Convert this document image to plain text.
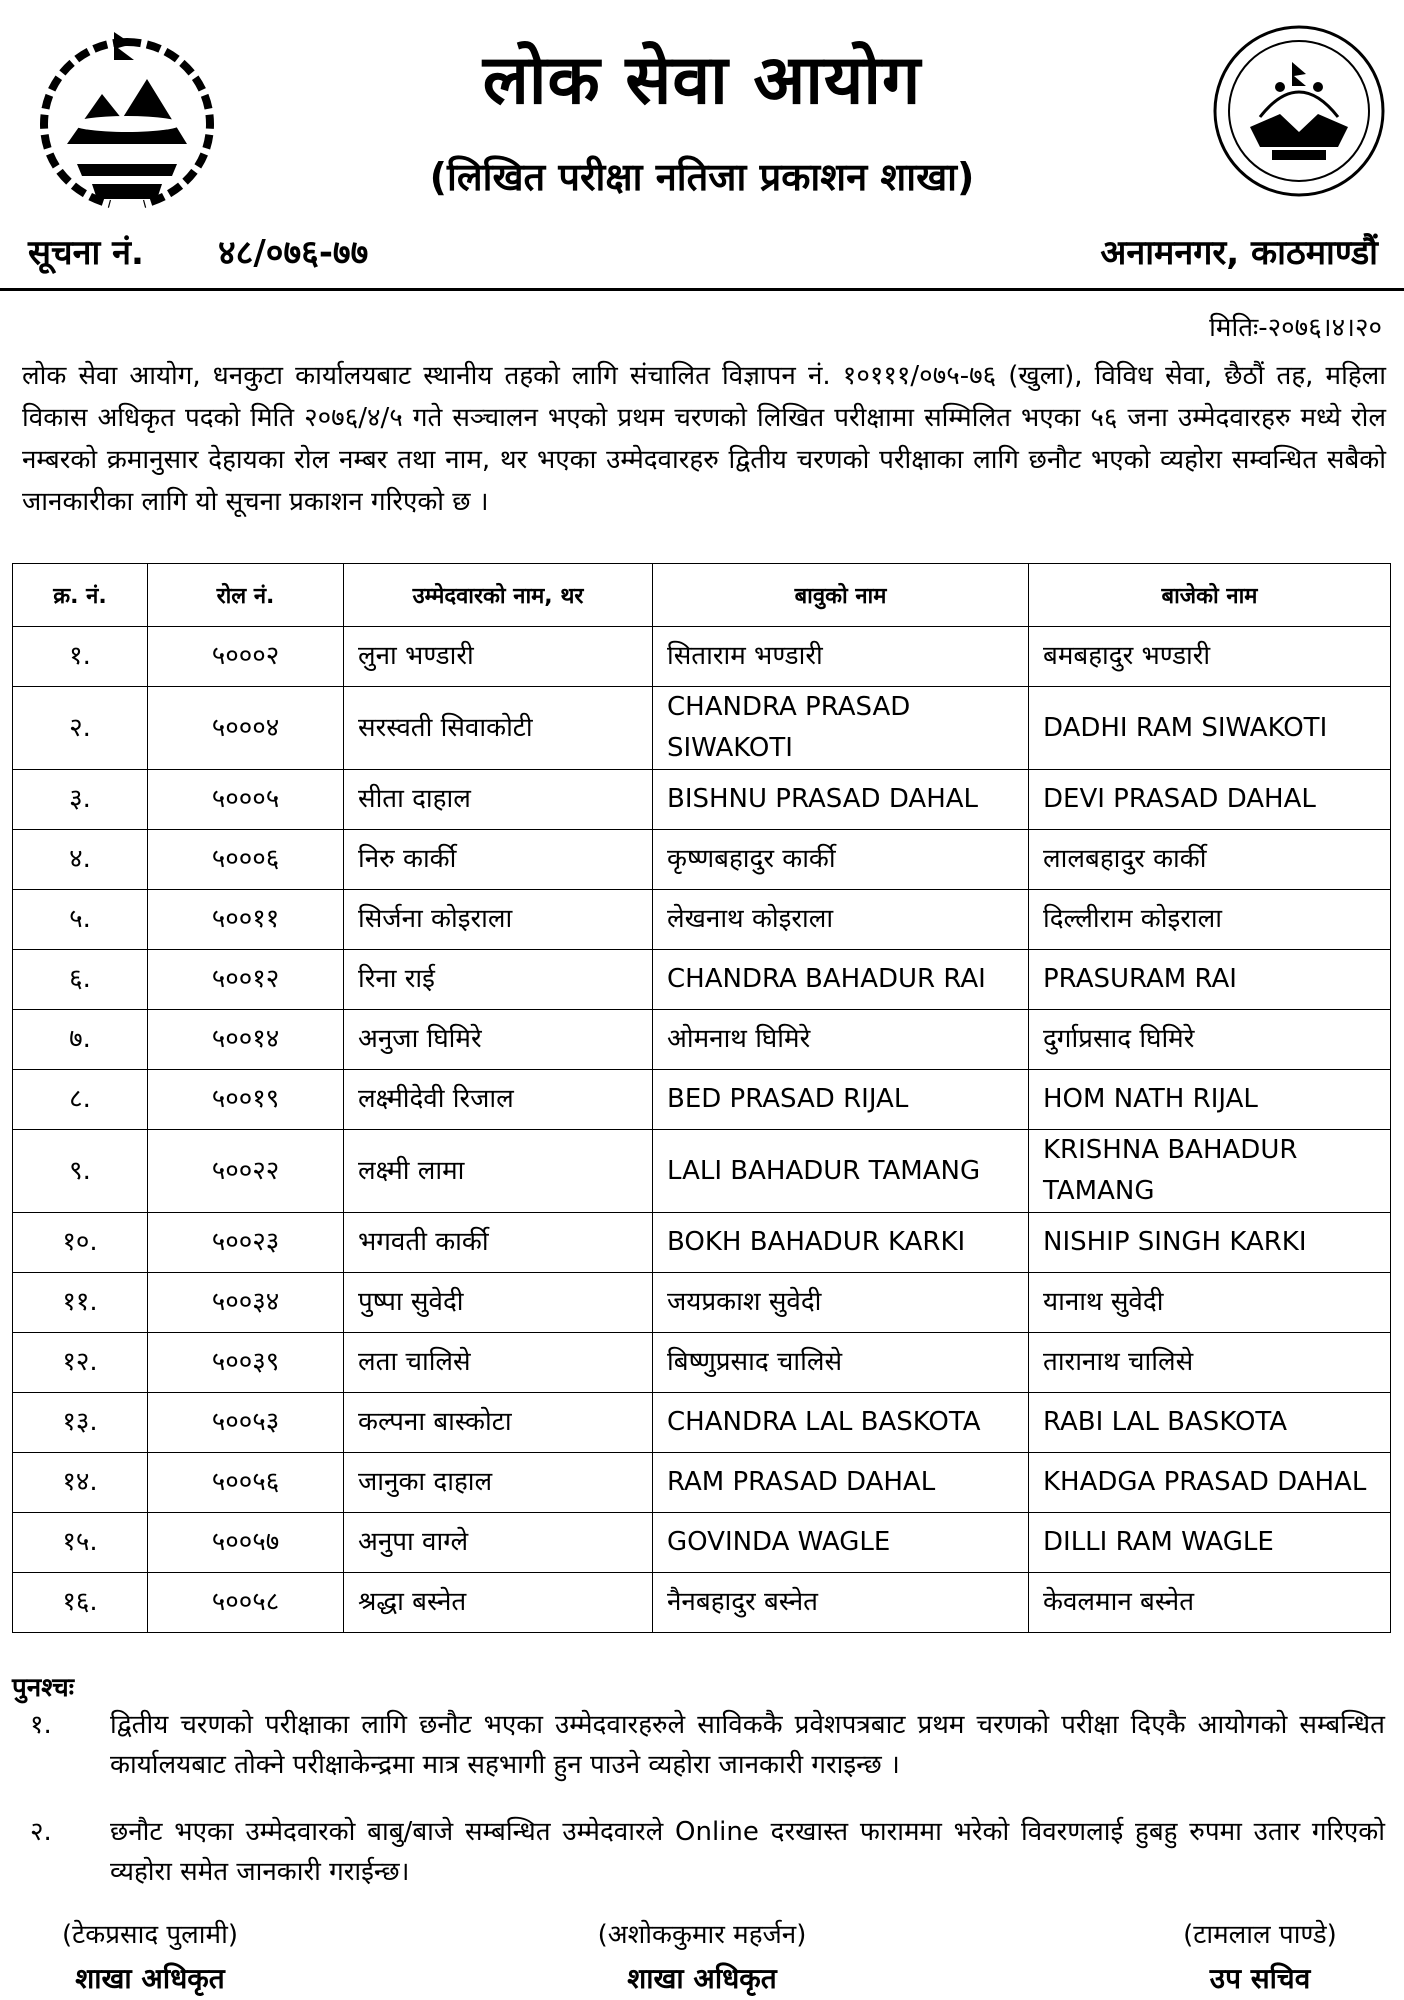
लोक सेवा आयोग
(लिखित परीक्षा नतिजा प्रकाशन शाखा)
सूचना नं. ४८/०७६-७७	अनामनगर, काठमाण्डौं
मितिः-२०७६।४।२०
लोक सेवा आयोग, धनकुटा कार्यालयबाट स्थानीय तहको लागि संचालित विज्ञापन नं. १०१११/०७५-७६ (खुला), विविध सेवा, छैठौं तह, महिला विकास अधिकृत पदको मिति २०७६/४/५ गते सञ्चालन भएको प्रथम चरणको लिखित परीक्षामा सम्मिलित भएका ५६ जना उम्मेदवारहरु मध्ये रोल नम्बरको क्रमानुसार देहायका रोल नम्बर तथा नाम, थर भएका उम्मेदवारहरु द्वितीय चरणको परीक्षाका लागि छनौट भएको व्यहोरा सम्वन्धित सबैको जानकारीका लागि यो सूचना प्रकाशन गरिएको छ ।
क्र. नं.	रोल नं.	उम्मेदवारको नाम, थर	बावुको नाम	बाजेको नाम
१.	५०००२	लुना भण्डारी	सिताराम भण्डारी	बमबहादुर भण्डारी
२.	५०००४	सरस्वती सिवाकोटी	CHANDRA PRASAD SIWAKOTI	DADHI RAM SIWAKOTI
३.	५०००५	सीता दाहाल	BISHNU PRASAD DAHAL	DEVI PRASAD DAHAL
४.	५०००६	निरु कार्की	कृष्णबहादुर कार्की	लालबहादुर कार्की
५.	५००११	सिर्जना कोइराला	लेखनाथ कोइराला	दिल्लीराम कोइराला
६.	५००१२	रिना राई	CHANDRA BAHADUR RAI	PRASURAM RAI
७.	५००१४	अनुजा घिमिरे	ओमनाथ घिमिरे	दुर्गाप्रसाद घिमिरे
८.	५००१९	लक्ष्मीदेवी रिजाल	BED PRASAD RIJAL	HOM NATH RIJAL
९.	५००२२	लक्ष्मी लामा	LALI BAHADUR TAMANG	KRISHNA BAHADUR TAMANG
१०.	५००२३	भगवती कार्की	BOKH BAHADUR KARKI	NISHIP SINGH KARKI
११.	५००३४	पुष्पा सुवेदी	जयप्रकाश सुवेदी	यानाथ सुवेदी
१२.	५००३९	लता चालिसे	बिष्णुप्रसाद चालिसे	तारानाथ चालिसे
१३.	५००५३	कल्पना बास्कोटा	CHANDRA LAL BASKOTA	RABI LAL BASKOTA
१४.	५००५६	जानुका दाहाल	RAM PRASAD DAHAL	KHADGA PRASAD DAHAL
१५.	५००५७	अनुपा वाग्ले	GOVINDA WAGLE	DILLI RAM WAGLE
१६.	५००५८	श्रद्धा बस्नेत	नैनबहादुर बस्नेत	केवलमान बस्नेत
पुनश्चः
१. द्वितीय चरणको परीक्षाका लागि छनौट भएका उम्मेदवारहरुले साविककै प्रवेशपत्रबाट प्रथम चरणको परीक्षा दिएकै आयोगको सम्बन्धित कार्यालयबाट तोक्ने परीक्षाकेन्द्रमा मात्र सहभागी हुन पाउने व्यहोरा जानकारी गराइन्छ ।
२. छनौट भएका उम्मेदवारको बाबु/बाजे सम्बन्धित उम्मेदवारले Online दरखास्त फाराममा भरेको विवरणलाई हुबहु रुपमा उतार गरिएको व्यहोरा समेत जानकारी गराईन्छ।
(टेकप्रसाद पुलामी)
शाखा अधिकृत
(अशोककुमार महर्जन)
शाखा अधिकृत
(टामलाल पाण्डे)
उप सचिव
